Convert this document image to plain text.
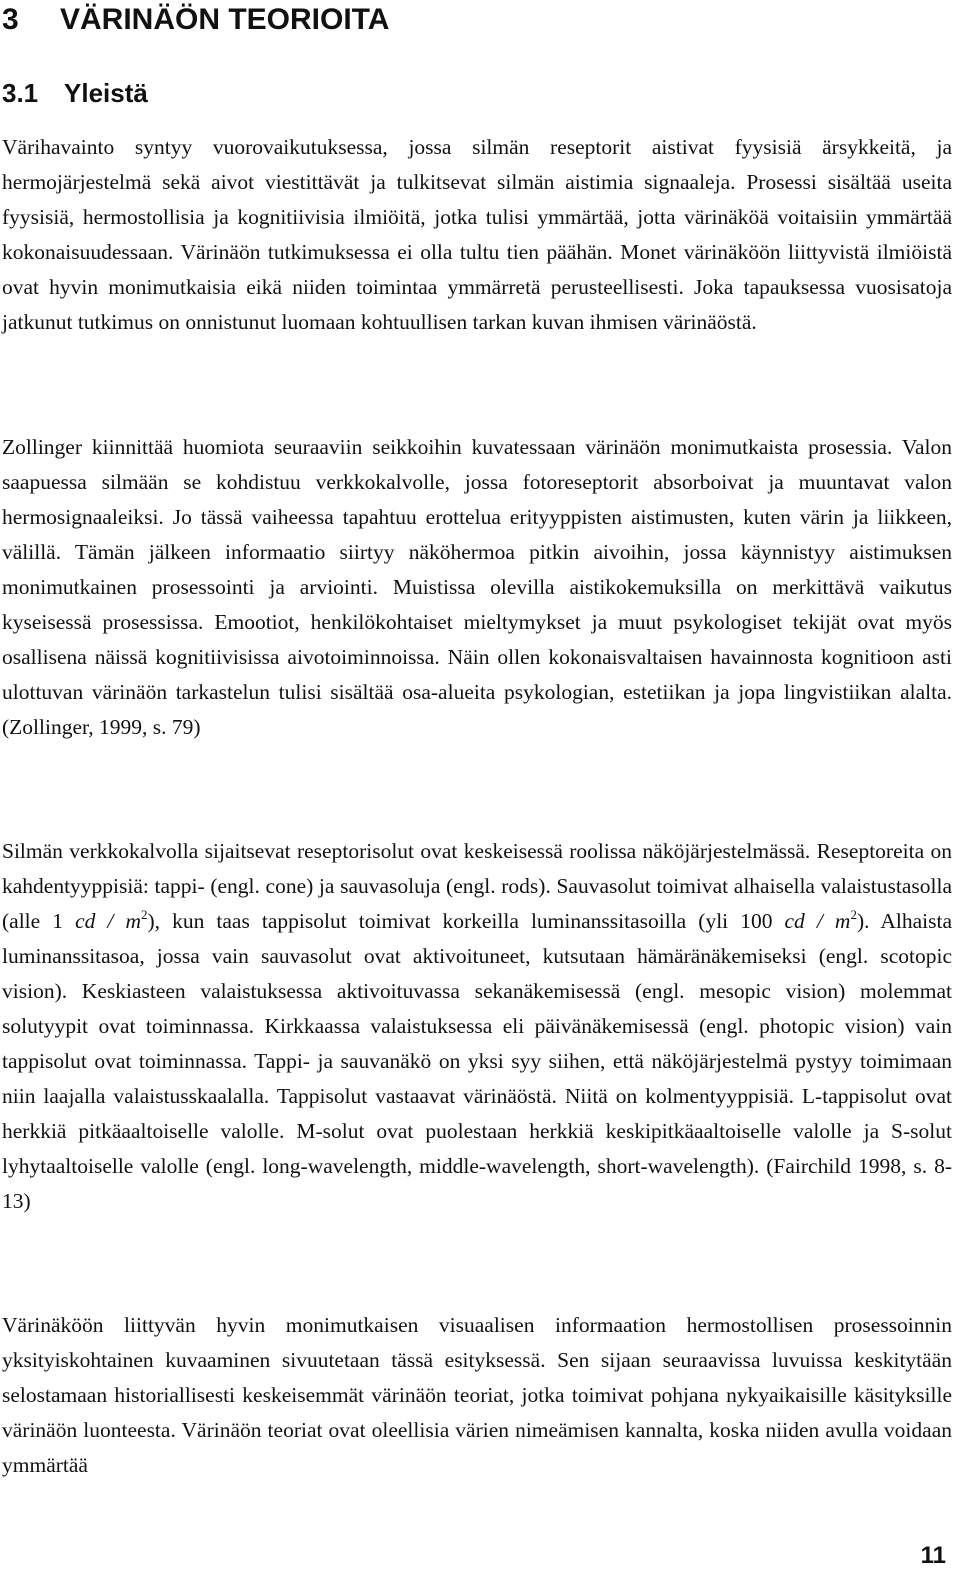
3 VÄRINÄÖN TEORIOITA
3.1 Yleistä

Värihavainto syntyy vuorovaikutuksessa, jossa silmän reseptorit aistivat fyysisiä ärsykkeitä, ja hermojärjestelmä sekä aivot viestittävät ja tulkitsevat silmän aistimia signaaleja. Prosessi sisältää useita fyysisiä, hermostollisia ja kognitiivisia ilmiöitä, jotka tulisi ymmärtää, jotta värinäköä voitaisiin ymmärtää kokonaisuudessaan. Värinäön tutkimuksessa ei olla tultu tien päähän. Monet värinäköön liittyvistä ilmiöistä ovat hyvin monimutkaisia eikä niiden toimintaa ymmärretä perusteellisesti. Joka tapauksessa vuosisatoja jatkunut tutkimus on onnistunut luomaan kohtuullisen tarkan kuvan ihmisen värinäöstä.

Zollinger kiinnittää huomiota seuraaviin seikkoihin kuvatessaan värinäön monimutkaista prosessia. Valon saapuessa silmään se kohdistuu verkkokalvolle, jossa fotoreseptorit absorboivat ja muuntavat valon hermosignaaleiksi. Jo tässä vaiheessa tapahtuu erottelua erityyppisten aistimusten, kuten värin ja liikkeen, välillä. Tämän jälkeen informaatio siirtyy näköhermoa pitkin aivoihin, jossa käynnistyy aistimuksen monimutkainen prosessointi ja arviointi. Muistissa olevilla aistikokemuksilla on merkittävä vaikutus kyseisessä prosessissa. Emootiot, henkilökohtaiset mieltymykset ja muut psykologiset tekijät ovat myös osallisena näissä kognitiivisissa aivotoiminnoissa. Näin ollen kokonaisvaltaisen havainnosta kognitioon asti ulottuvan värinäön tarkastelun tulisi sisältää osa-alueita psykologian, estetiikan ja jopa lingvistiikan alalta. (Zollinger, 1999, s. 79)

Silmän verkkokalvolla sijaitsevat reseptorisolut ovat keskeisessä roolissa näköjärjestelmässä. Reseptoreita on kahdentyyppisiä: tappi- (engl. cone) ja sauvasoluja (engl. rods). Sauvasolut toimivat alhaisella valaistustasolla (alle 1 cd / $m^2$), kun taas tappisolut toimivat korkeilla luminanssitasoilla (yli 100 cd / $m^2$). Alhaista luminanssitasoa, jossa vain sauvasolut ovat aktivoituneet, kutsutaan hämäränäkemiseksi (engl. scotopic vision). Keskiasteen valaistuksessa aktivoituvassa sekanäkemisessä (engl. mesopic vision) molemmat solutyypit ovat toiminnassa. Kirkkaassa valaistuksessa eli päivänäkemisessä (engl. photopic vision) vain tappisolut ovat toiminnassa. Tappi- ja sauvanäkö on yksi syy siihen, että näköjärjestelmä pystyy toimimaan niin laajalla valaistusskaalalla. Tappisolut vastaavat värinäöstä. Niitä on kolmentyyppisiä. L-tappisolut ovat herkkiä pitkäaaltoiselle valolle. M-solut ovat puolestaan herkkiä keskipitkäaaltoiselle valolle ja S-solut lyhytaaltoiselle valolle (engl. long-wavelength, middle-wavelength, short-wavelength). (Fairchild 1998, s. 8-13)

Värinäköön liittyvän hyvin monimutkaisen visuaalisen informaation hermostollisen prosessoinnin yksityiskohtainen kuvaaminen sivuutetaan tässä esityksessä. Sen sijaan seuraavissa luvuissa keskitytään selostamaan historiallisesti keskeisemmät värinäön teoriat, jotka toimivat pohjana nykyaikaisille käsityksille värinäön luonteesta. Värinäön teoriat ovat oleellisia värien nimeämisen kannalta, koska niiden avulla voidaan ymmärtää

11
